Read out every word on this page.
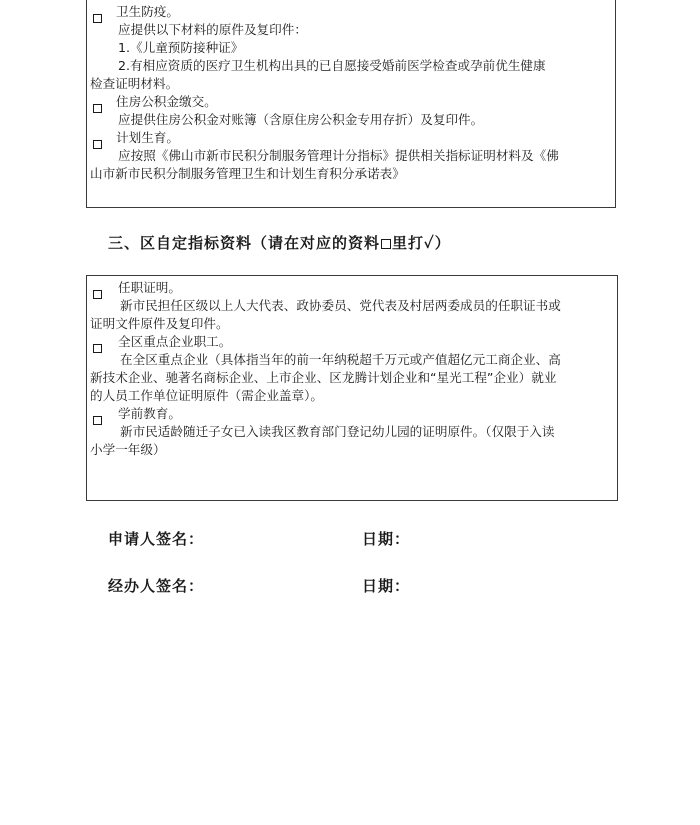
卫生防疫。
应提供以下材料的原件及复印件：
1.《儿童预防接种证》
2.有相应资质的医疗卫生机构出具的已自愿接受婚前医学检查或孕前优生健康
检查证明材料。
住房公积金缴交。
应提供住房公积金对账簿（含原住房公积金专用存折）及复印件。
计划生育。
应按照《佛山市新市民积分制服务管理计分指标》提供相关指标证明材料及《佛
山市新市民积分制服务管理卫生和计划生育积分承诺表》
三、区自定指标资料（请在对应的资料 里打✓）
任职证明。
新市民担任区级以上人大代表、政协委员、党代表及村居两委成员的任职证书或
证明文件原件及复印件。
全区重点企业职工。
在全区重点企业（具体指当年的前一年纳税超千万元或产值超亿元工商企业、高
新技术企业、驰著名商标企业、上市企业、区龙腾计划企业和“星光工程”企业）就业
的人员工作单位证明原件（需企业盖章）。
学前教育。
新市民适龄随迁子女已入读我区教育部门登记幼儿园的证明原件。（仅限于入读
小学一年级）
申请人签名：	日期：
经办人签名：	日期：
